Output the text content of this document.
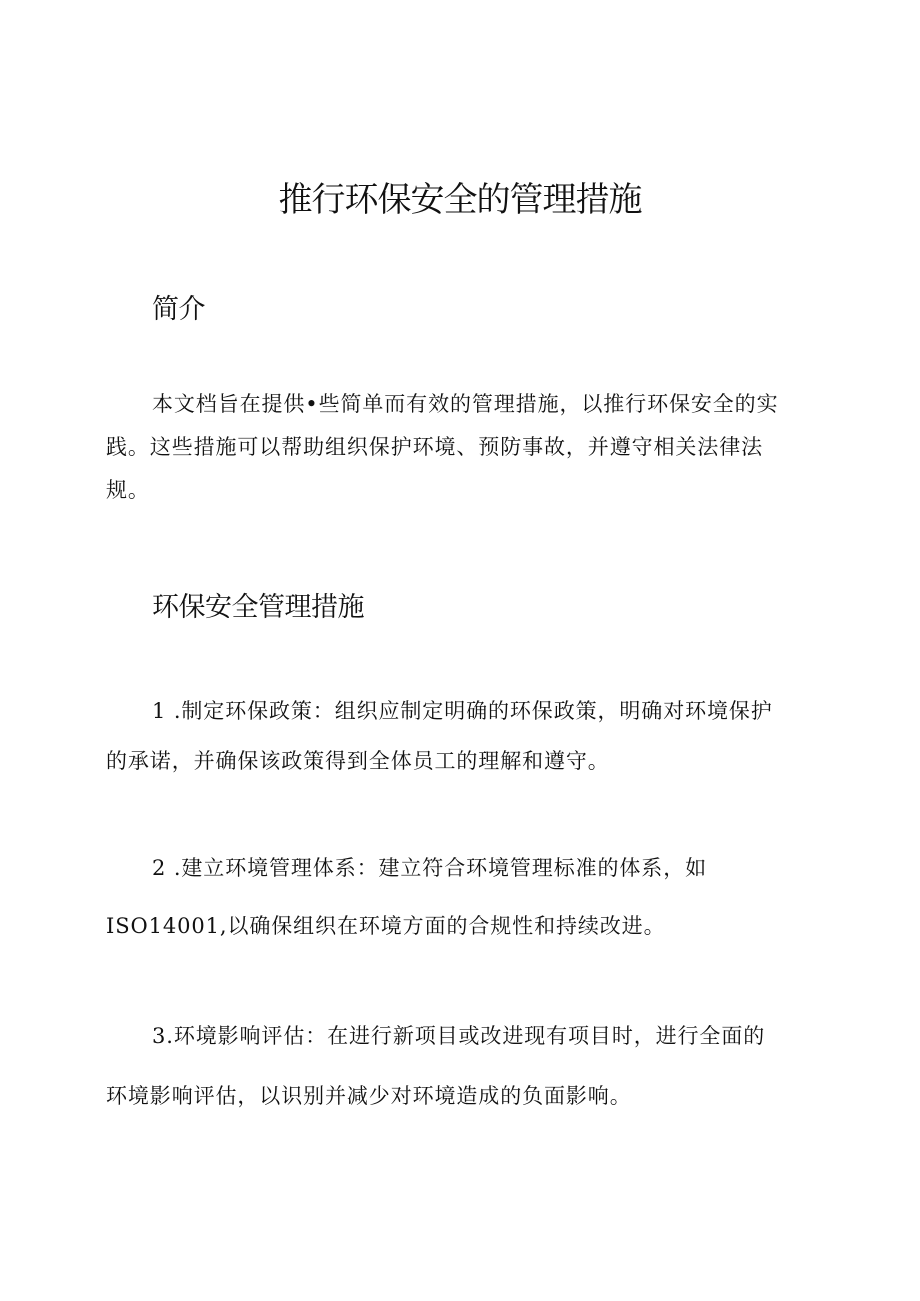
推行环保安全的管理措施
简介

本文档旨在提供•些简单而有效的管理措施，以推行环保安全的实
践。这些措施可以帮助组织保护环境、预防事故，并遵守相关法律法
规。

环保安全管理措施

1 .制定环保政策：组织应制定明确的环保政策，明确对环境保护
的承诺，并确保该政策得到全体员工的理解和遵守。

2 .建立环境管理体系：建立符合环境管理标准的体系，如
ISO14001,以确保组织在环境方面的合规性和持续改进。

3.环境影响评估：在进行新项目或改进现有项目时，进行全面的
环境影响评估，以识别并减少对环境造成的负面影响。
